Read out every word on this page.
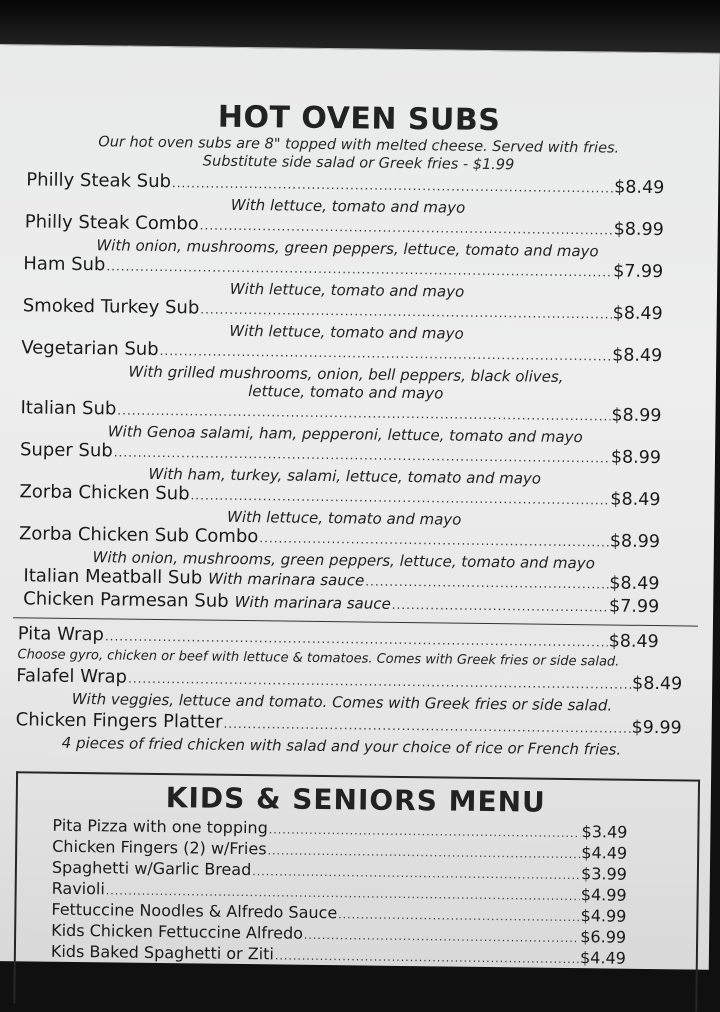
HOT OVEN SUBS
Our hot oven subs are 8" topped with melted cheese. Served with fries.
Substitute side salad or Greek fries - $1.99
Philly Steak Sub .....	$8.49
With lettuce, tomato and mayo
Philly Steak Combo .....	$8.99
With onion, mushrooms, green peppers, lettuce, tomato and mayo
Ham Sub .....	$7.99
With lettuce, tomato and mayo
Smoked Turkey Sub .....	$8.49
With lettuce, tomato and mayo
Vegetarian Sub .....	$8.49
With grilled mushrooms, onion, bell peppers, black olives,
lettuce, tomato and mayo
Italian Sub .....	$8.99
With Genoa salami, ham, pepperoni, lettuce, tomato and mayo
Super Sub .....	$8.99
With ham, turkey, salami, lettuce, tomato and mayo
Zorba Chicken Sub .....	$8.49
With lettuce, tomato and mayo
Zorba Chicken Sub Combo .....	$8.99
With onion, mushrooms, green peppers, lettuce, tomato and mayo
Italian Meatball Sub With marinara sauce .....	$8.49
Chicken Parmesan Sub With marinara sauce .....	$7.99
Pita Wrap .....	$8.49
Choose gyro, chicken or beef with lettuce & tomatoes. Comes with Greek fries or side salad.
Falafel Wrap .....	$8.49
With veggies, lettuce and tomato. Comes with Greek fries or side salad.
Chicken Fingers Platter .....	$9.99
4 pieces of fried chicken with salad and your choice of rice or French fries.
KIDS & SENIORS MENU
Pita Pizza with one topping .....	$3.49
Chicken Fingers (2) w/Fries .....	$4.49
Spaghetti w/Garlic Bread .....	$3.99
Ravioli .....	$4.99
Fettuccine Noodles & Alfredo Sauce .....	$4.99
Kids Chicken Fettuccine Alfredo .....	$6.99
Kids Baked Spaghetti or Ziti .....	$4.49
